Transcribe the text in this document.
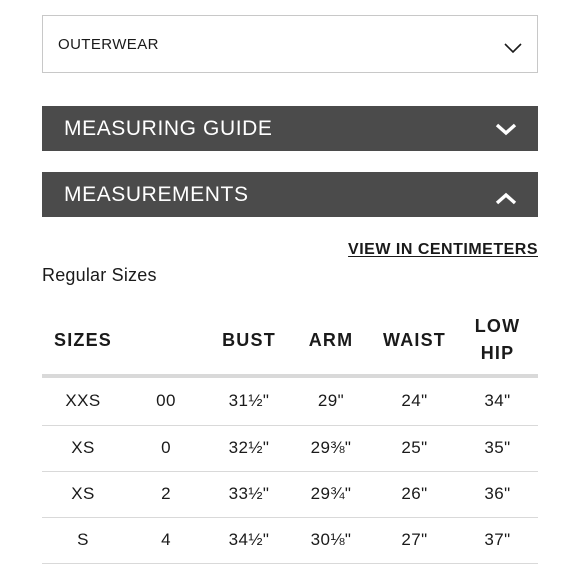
OUTERWEAR
MEASURING GUIDE
MEASUREMENTS
VIEW IN CENTIMETERS
Regular Sizes
SIZES		BUST	ARM	WAIST	LOW HIP
XXS	00	31½"	29"	24"	34"
XS	0	32½"	29⅜"	25"	35"
XS	2	33½"	29¾"	26"	36"
S	4	34½"	30⅛"	27"	37"
